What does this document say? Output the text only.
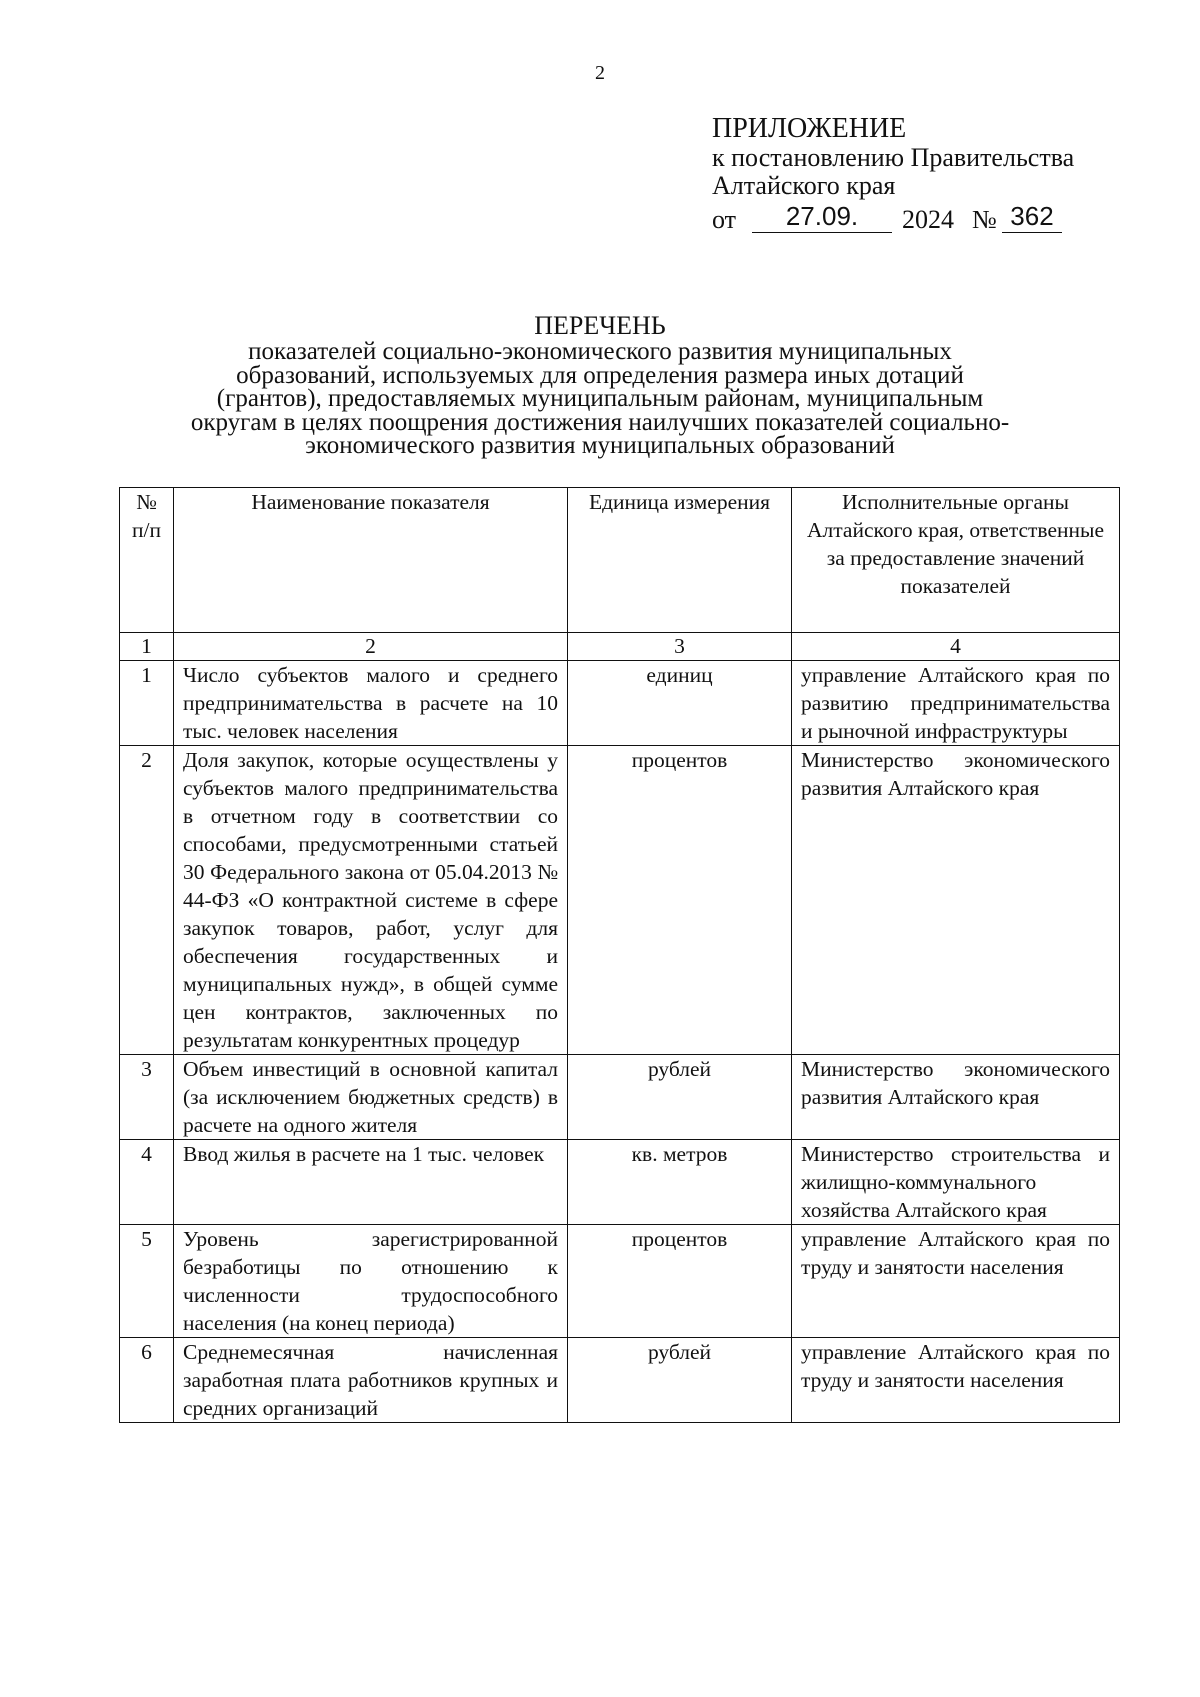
2
ПРИЛОЖЕНИЕ
к постановлению Правительства
Алтайского края
от	27.09.	2024 № 362
ПЕРЕЧЕНЬ
показателей социально-экономического развития муниципальных
образований, используемых для определения размера иных дотаций
(грантов), предоставляемых муниципальным районам, муниципальным
округам в целях поощрения достижения наилучших показателей социально-
экономического развития муниципальных образований
№ п/п	Наименование показателя	Единица измерения	Исполнительные органы Алтайского края, ответственные за предоставление значений показателей
1	2	3	4
1	Число субъектов малого и среднего предпринимательства в расчете на 10 тыс. человек населения	единиц	управление Алтайского края по развитию предпринимательства и рыночной инфраструктуры
2	Доля закупок, которые осуществлены у субъектов малого предпринимательства в отчетном году в соответствии со способами, предусмотренными статьей 30 Федерального закона от 05.04.2013 № 44-ФЗ «О контрактной системе в сфере закупок товаров, работ, услуг для обеспечения государственных и муниципальных нужд», в общей сумме цен контрактов, заключенных по результатам конкурентных процедур	процентов	Министерство экономического развития Алтайского края
3	Объем инвестиций в основной капитал (за исключением бюджетных средств) в расчете на одного жителя	рублей	Министерство экономического развития Алтайского края
4	Ввод жилья в расчете на 1 тыс. человек	кв. метров	Министерство строительства и жилищно-коммунального хозяйства Алтайского края
5	Уровень зарегистрированной безработицы по отношению к численности трудоспособного населения (на конец периода)	процентов	управление Алтайского края по труду и занятости населения
6	Среднемесячная начисленная заработная плата работников крупных и средних организаций	рублей	управление Алтайского края по труду и занятости населения
